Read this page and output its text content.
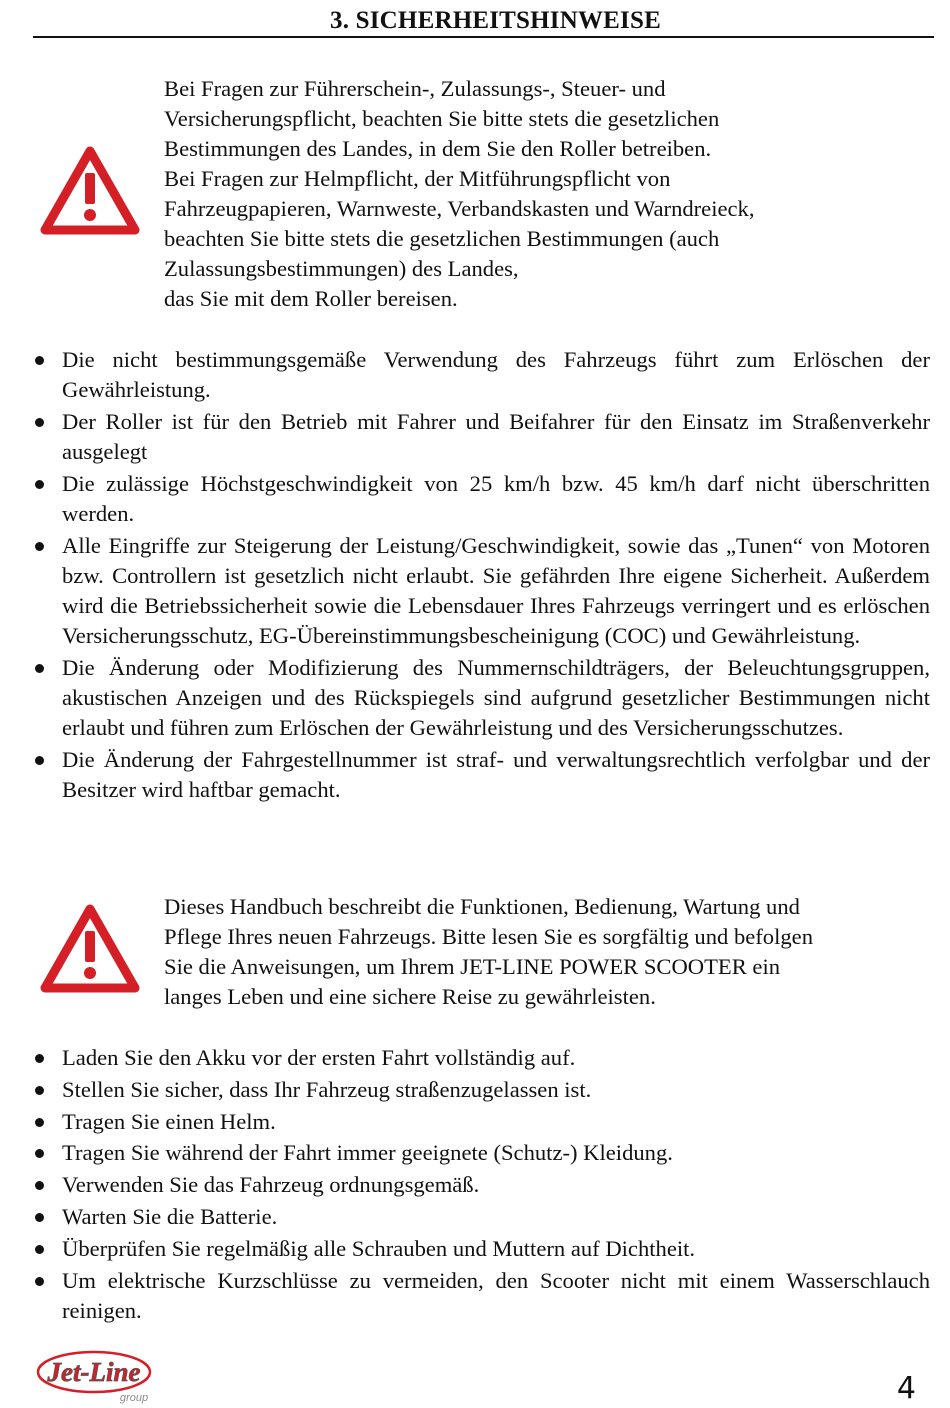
3. SICHERHEITSHINWEISE
Bei Fragen zur Führerschein-, Zulassungs-, Steuer- und
Versicherungspflicht, beachten Sie bitte stets die gesetzlichen
Bestimmungen des Landes, in dem Sie den Roller betreiben.
Bei Fragen zur Helmpflicht, der Mitführungspflicht von
Fahrzeugpapieren, Warnweste, Verbandskasten und Warndreieck,
beachten Sie bitte stets die gesetzlichen Bestimmungen (auch
Zulassungsbestimmungen) des Landes,
das Sie mit dem Roller bereisen.
Die nicht bestimmungsgemäße Verwendung des Fahrzeugs führt zum Erlöschen der Gewährleistung.
Der Roller ist für den Betrieb mit Fahrer und Beifahrer für den Einsatz im Straßenverkehr ausgelegt
Die zulässige Höchstgeschwindigkeit von 25 km/h bzw. 45 km/h darf nicht überschritten werden.
Alle Eingriffe zur Steigerung der Leistung/Geschwindigkeit, sowie das „Tunen“ von Motoren bzw. Controllern ist gesetzlich nicht erlaubt. Sie gefährden Ihre eigene Sicherheit. Außerdem wird die Betriebssicherheit sowie die Lebensdauer Ihres Fahrzeugs verringert und es erlöschen Versicherungsschutz, EG-Übereinstimmungsbescheinigung (COC) und Gewährleistung.
Die Änderung oder Modifizierung des Nummernschildträgers, der Beleuchtungsgruppen, akustischen Anzeigen und des Rückspiegels sind aufgrund gesetzlicher Bestimmungen nicht erlaubt und führen zum Erlöschen der Gewährleistung und des Versicherungsschutzes.
Die Änderung der Fahrgestellnummer ist straf- und verwaltungsrechtlich verfolgbar und der Besitzer wird haftbar gemacht.
Dieses Handbuch beschreibt die Funktionen, Bedienung, Wartung und
Pflege Ihres neuen Fahrzeugs. Bitte lesen Sie es sorgfältig und befolgen
Sie die Anweisungen, um Ihrem JET-LINE POWER SCOOTER ein
langes Leben und eine sichere Reise zu gewährleisten.
Laden Sie den Akku vor der ersten Fahrt vollständig auf.
Stellen Sie sicher, dass Ihr Fahrzeug straßenzugelassen ist.
Tragen Sie einen Helm.
Tragen Sie während der Fahrt immer geeignete (Schutz-) Kleidung.
Verwenden Sie das Fahrzeug ordnungsgemäß.
Warten Sie die Batterie.
Überprüfen Sie regelmäßig alle Schrauben und Muttern auf Dichtheit.
Um elektrische Kurzschlüsse zu vermeiden, den Scooter nicht mit einem Wasserschlauch reinigen.
Jet-Line
group	4
